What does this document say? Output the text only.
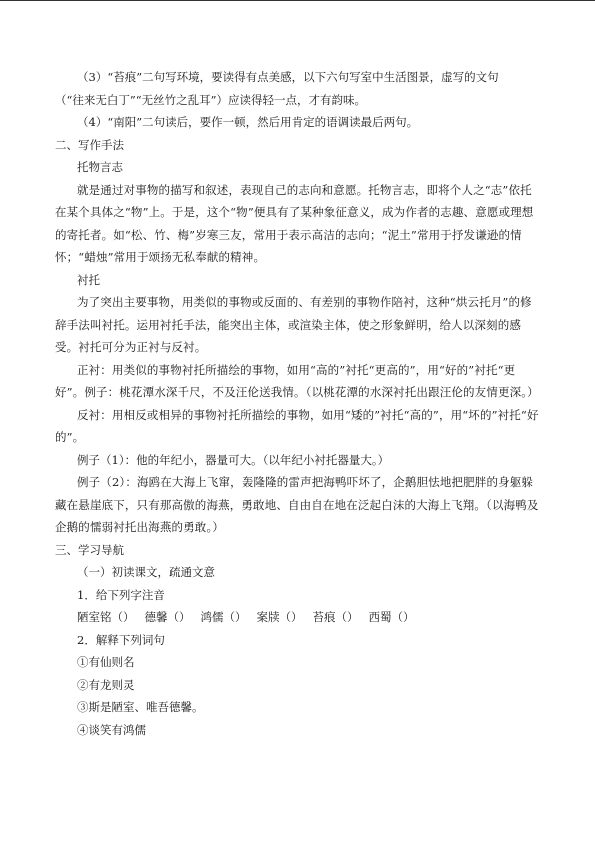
（3）“苔痕”二句写环境，要读得有点美感，以下六句写室中生活图景，虚写的文句

（“往来无白丁”“无丝竹之乱耳”）应读得轻一点，才有韵味。

（4）“南阳”二句读后，要作一顿，然后用肯定的语调读最后两句。

二、写作手法

托物言志

就是通过对事物的描写和叙述，表现自己的志向和意愿。托物言志，即将个人之“志”依托在某个具体之“物”上。于是，这个“物”便具有了某种象征意义，成为作者的志趣、意愿或理想的寄托者。如“松、竹、梅”岁寒三友，常用于表示高洁的志向；“泥土”常用于抒发谦逊的情怀；“蜡烛”常用于颂扬无私奉献的精神。

衬托

为了突出主要事物，用类似的事物或反面的、有差别的事物作陪衬，这种“烘云托月”的修辞手法叫衬托。运用衬托手法，能突出主体，或渲染主体，使之形象鲜明，给人以深刻的感受。衬托可分为正衬与反衬。

正衬：用类似的事物衬托所描绘的事物，如用“高的”衬托“更高的”，用“好的”衬托“更好”。例子：桃花潭水深千尺，不及汪伦送我情。（以桃花潭的水深衬托出跟汪伦的友情更深。）

反衬：用相反或相异的事物衬托所描绘的事物，如用“矮的”衬托“高的”，用“坏的”衬托“好的”。

例子（1）：他的年纪小，器量可大。（以年纪小衬托器量大。）

例子（2）：海鸥在大海上飞窜，轰隆隆的雷声把海鸭吓坏了，企鹅胆怯地把肥胖的身躯躲藏在悬崖底下，只有那高傲的海燕，勇敢地、自由自在地在泛起白沫的大海上飞翔。（以海鸭及企鹅的懦弱衬托出海燕的勇敢。）

三、学习导航

（一）初读课文，疏通文意

1．给下列字注音

陋室铭（） 德馨（） 鸿儒（） 案牍（） 苔痕（） 西蜀（）

2．解释下列词句

①有仙则名

②有龙则灵

③斯是陋室、唯吾德馨。

④谈笑有鸿儒
